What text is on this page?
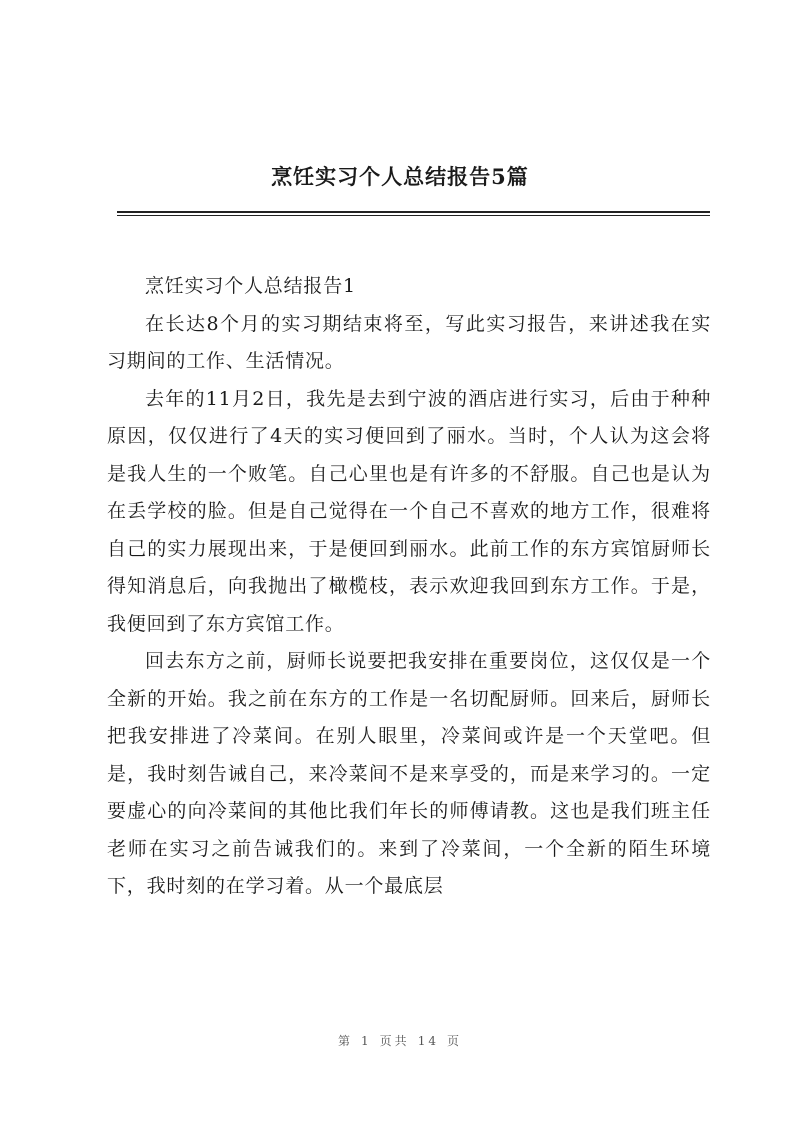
烹饪实习个人总结报告5篇

烹饪实习个人总结报告1

在长达8个月的实习期结束将至，写此实习报告，来讲述我在实习期间的工作、生活情况。

去年的11月2日，我先是去到宁波的酒店进行实习，后由于种种原因，仅仅进行了4天的实习便回到了丽水。当时，个人认为这会将是我人生的一个败笔。自己心里也是有许多的不舒服。自己也是认为在丢学校的脸。但是自己觉得在一个自己不喜欢的地方工作，很难将自己的实力展现出来，于是便回到丽水。此前工作的东方宾馆厨师长得知消息后，向我抛出了橄榄枝，表示欢迎我回到东方工作。于是，我便回到了东方宾馆工作。

回去东方之前，厨师长说要把我安排在重要岗位，这仅仅是一个全新的开始。我之前在东方的工作是一名切配厨师。回来后，厨师长把我安排进了冷菜间。在别人眼里，冷菜间或许是一个天堂吧。但是，我时刻告诫自己，来冷菜间不是来享受的，而是来学习的。一定要虚心的向冷菜间的其他比我们年长的师傅请教。这也是我们班主任老师在实习之前告诫我们的。来到了冷菜间，一个全新的陌生环境下，我时刻的在学习着。从一个最底层

第 1 页共 14 页
